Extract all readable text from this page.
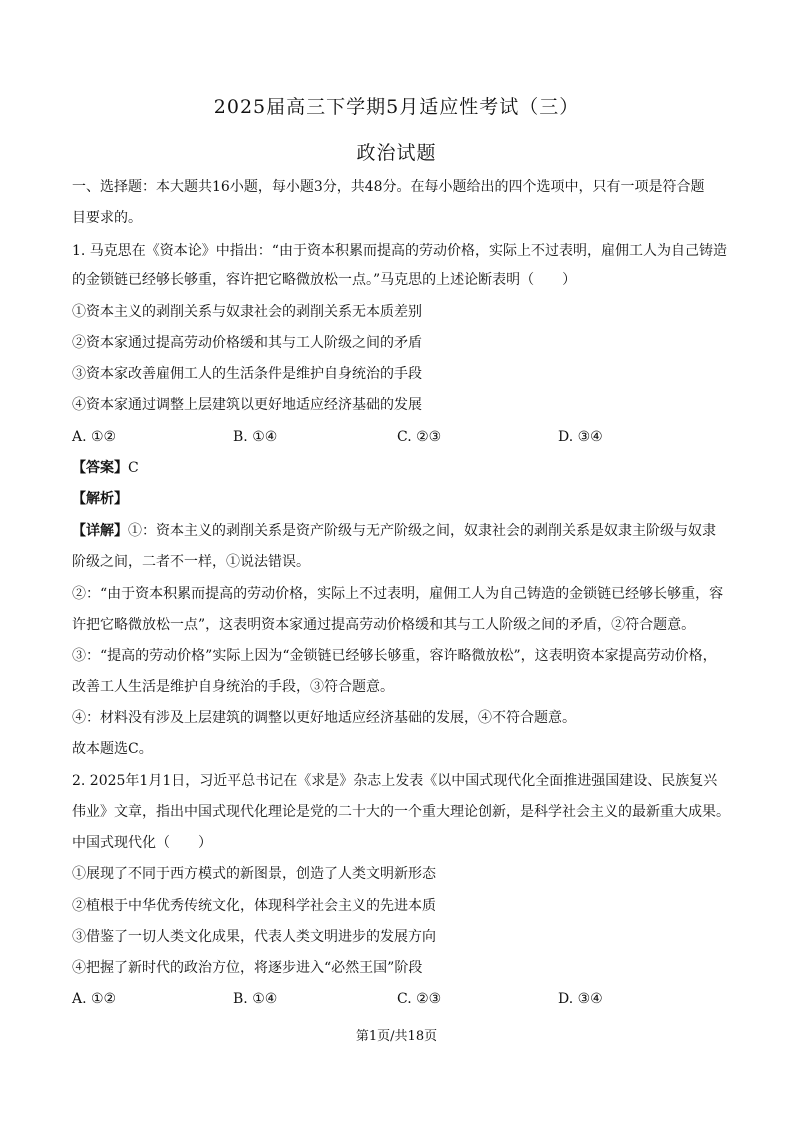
2025届高三下学期5月适应性考试（三）
政治试题
一、选择题：本大题共16小题，每小题3分，共48分。在每小题给出的四个选项中，只有一项是符合题
目要求的。
1. 马克思在《资本论》中指出：“由于资本积累而提高的劳动价格，实际上不过表明，雇佣工人为自己铸造
的金锁链已经够长够重，容许把它略微放松一点。”马克思的上述论断表明（　　）
①资本主义的剥削关系与奴隶社会的剥削关系无本质差别
②资本家通过提高劳动价格缓和其与工人阶级之间的矛盾
③资本家改善雇佣工人的生活条件是维护自身统治的手段
④资本家通过调整上层建筑以更好地适应经济基础的发展
A. ①②	B. ①④	C. ②③	D. ③④
【答案】C
【解析】
【详解】①：资本主义的剥削关系是资产阶级与无产阶级之间，奴隶社会的剥削关系是奴隶主阶级与奴隶
阶级之间，二者不一样，①说法错误。
②：“由于资本积累而提高的劳动价格，实际上不过表明，雇佣工人为自己铸造的金锁链已经够长够重，容
许把它略微放松一点”，这表明资本家通过提高劳动价格缓和其与工人阶级之间的矛盾，②符合题意。
③：“提高的劳动价格”实际上因为“金锁链已经够长够重，容许略微放松”，这表明资本家提高劳动价格，
改善工人生活是维护自身统治的手段，③符合题意。
④：材料没有涉及上层建筑的调整以更好地适应经济基础的发展，④不符合题意。
故本题选C。
2. 2025年1月1日，习近平总书记在《求是》杂志上发表《以中国式现代化全面推进强国建设、民族复兴
伟业》文章，指出中国式现代化理论是党的二十大的一个重大理论创新，是科学社会主义的最新重大成果。
中国式现代化（　　）
①展现了不同于西方模式的新图景，创造了人类文明新形态
②植根于中华优秀传统文化，体现科学社会主义的先进本质
③借鉴了一切人类文化成果，代表人类文明进步的发展方向
④把握了新时代的政治方位，将逐步进入“必然王国”阶段
A. ①②	B. ①④	C. ②③	D. ③④
第1页/共18页
